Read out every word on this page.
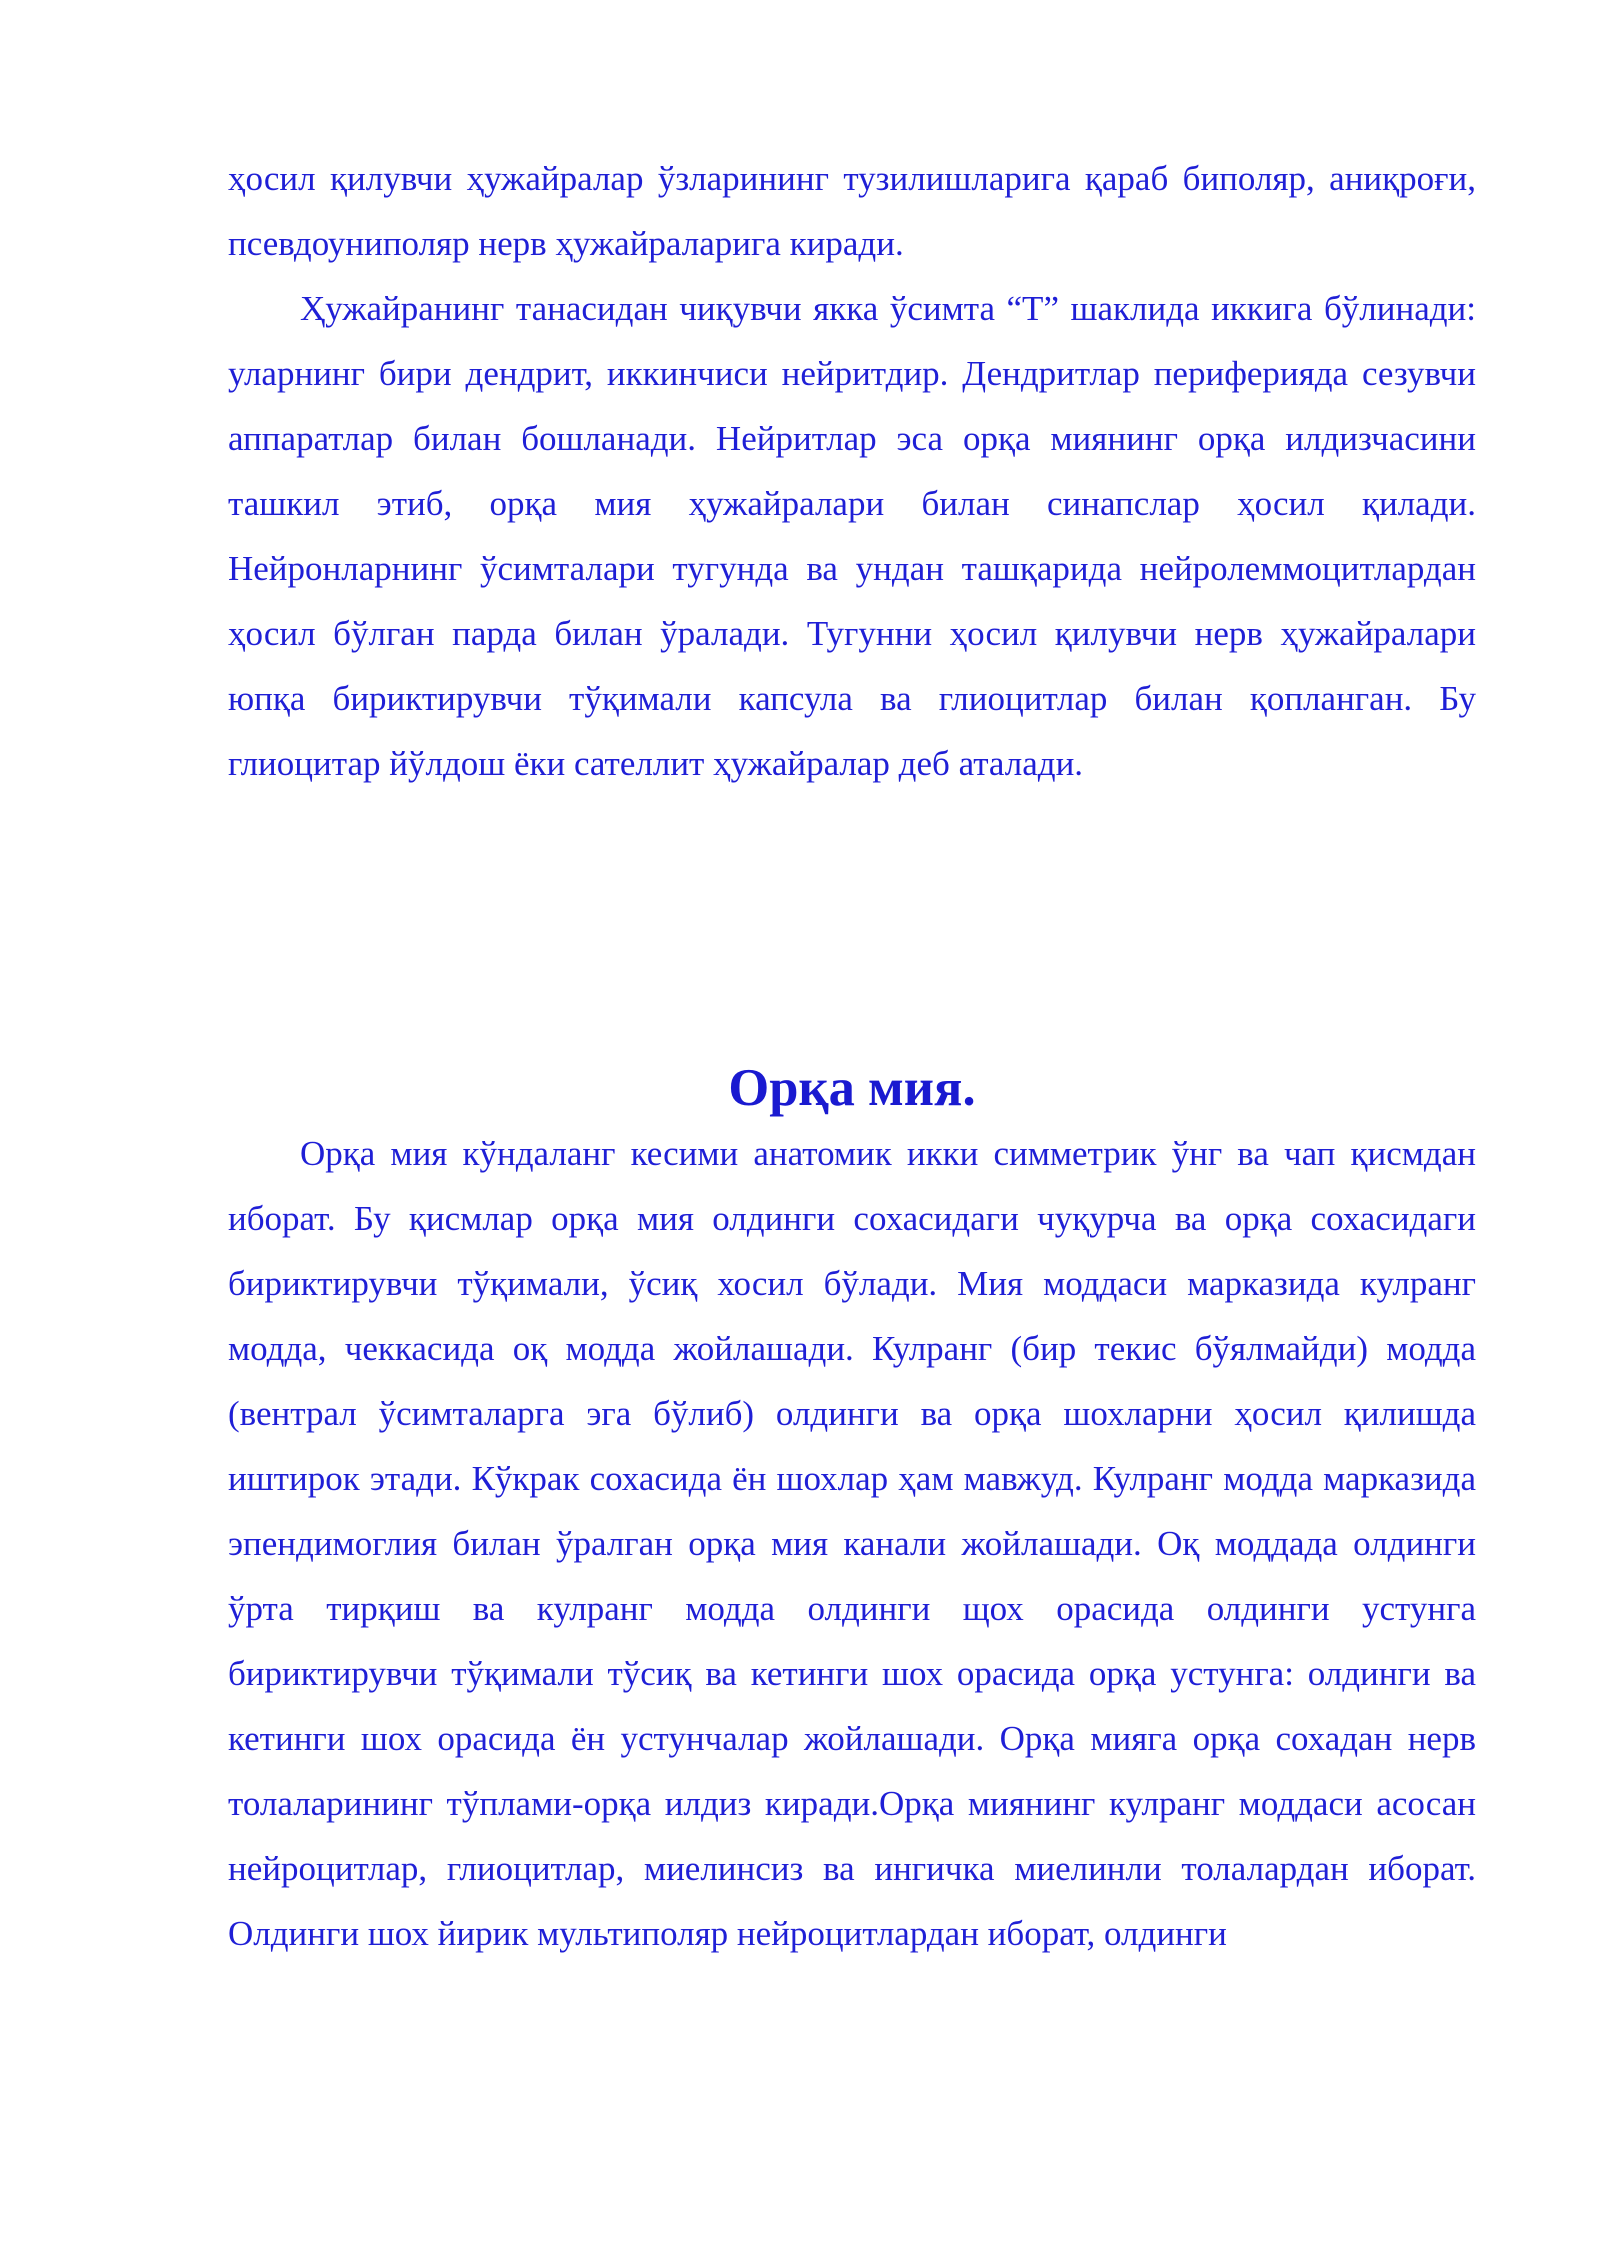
ҳосил қилувчи ҳужайралар ўзларининг тузилишларига қараб биполяр, аниқроғи, псевдоуниполяр нерв ҳужайраларига киради.

Ҳужайранинг танасидан чиқувчи якка ўсимта “Т” шаклида иккига бўлинади: уларнинг бири дендрит, иккинчиси нейритдир. Дендритлар периферияда сезувчи аппаратлар билан бошланади. Нейритлар эса орқа миянинг орқа илдизчасини ташкил этиб, орқа мия ҳужайралари билан синапслар ҳосил қилади. Нейронларнинг ўсимталари тугунда ва ундан ташқарида нейролеммоцитлардан ҳосил бўлган парда билан ўралади. Тугунни ҳосил қилувчи нерв ҳужайралари юпқа бириктирувчи тўқимали капсула ва глиоцитлар билан қопланган. Бу глиоцитар йўлдош ёки сателлит ҳужайралар деб аталади.

Орқа мия.

Орқа мия кўндаланг кесими анатомик икки симметрик ўнг ва чап қисмдан иборат. Бу қисмлар орқа мия олдинги сохасидаги чуқурча ва орқа сохасидаги бириктирувчи тўқимали, ўсиқ хосил бўлади. Мия моддаси марказида кулранг модда, чеккасида оқ модда жойлашади. Кулранг (бир текис бўялмайди) модда (вентрал ўсимталарга эга бўлиб) олдинги ва орқа шохларни ҳосил қилишда иштирок этади. Кўкрак сохасида ён шохлар ҳам мавжуд. Кулранг модда марказида эпендимоглия билан ўралган орқа мия канали жойлашади. Оқ моддада олдинги ўрта тирқиш ва кулранг модда олдинги щох орасида олдинги устунга бириктирувчи тўқимали тўсиқ ва кетинги шох орасида орқа устунга: олдинги ва кетинги шох орасида ён устунчалар жойлашади. Орқа мияга орқа сохадан нерв толаларининг тўплами-орқа илдиз киради.Орқа миянинг кулранг моддаси асосан нейроцитлар, глиоцитлар, миелинсиз ва ингичка миелинли толалардан иборат. Олдинги шох йирик мультиполяр нейроцитлардан иборат, олдинги
